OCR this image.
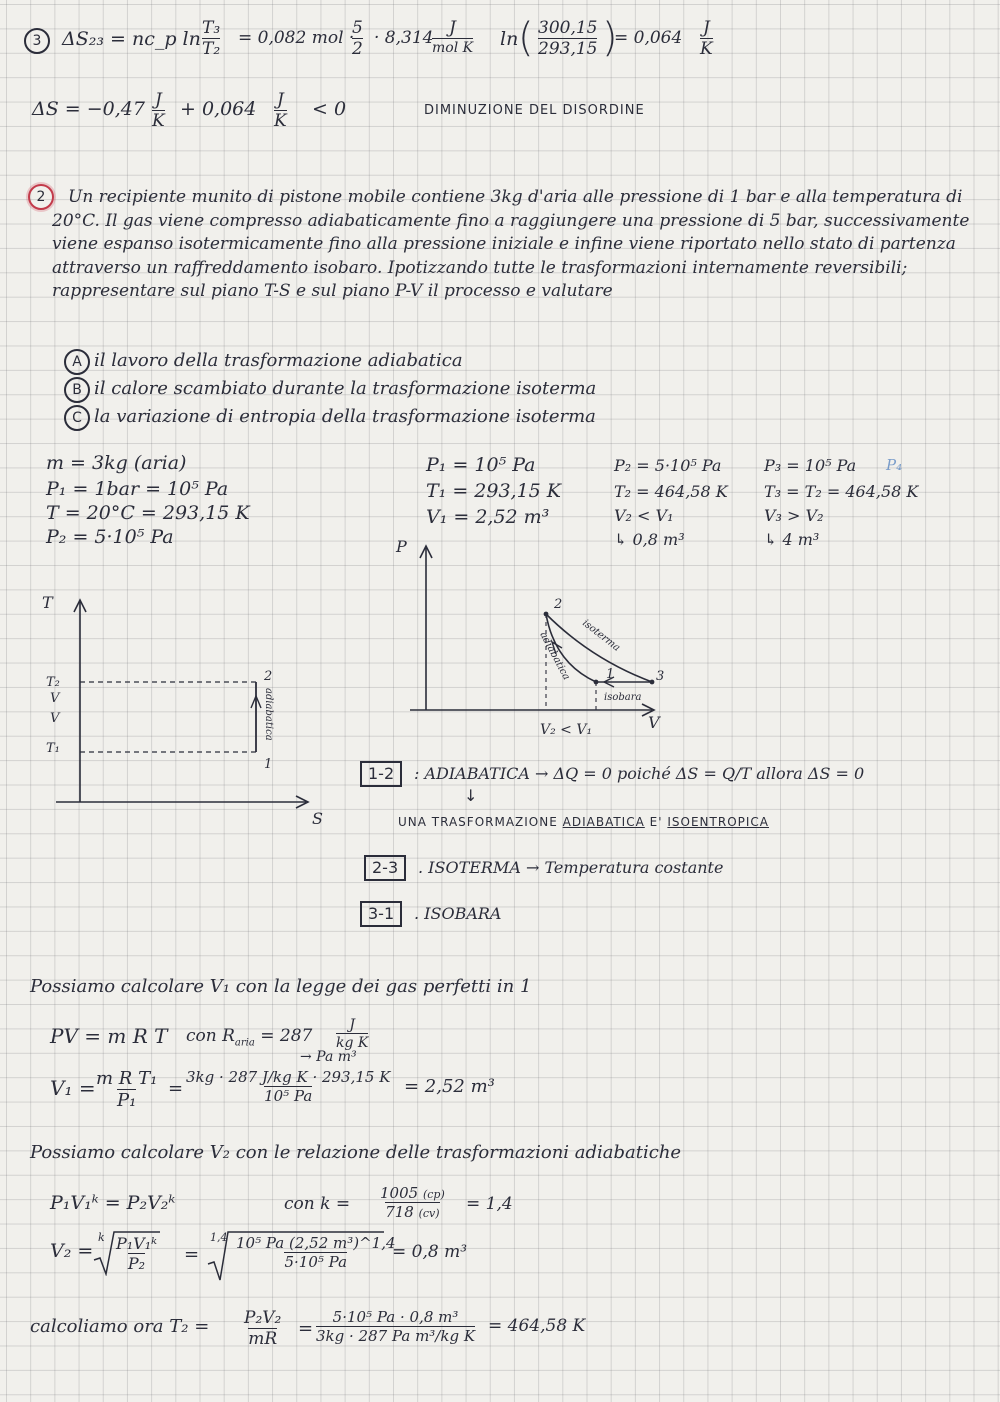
3	ΔS₂₃ = nc_p $\ln \frac{\text{T₃}}{\text{T₂}} = 0,082$ mol ·
$\frac{5}{2} \cdot 8,314$ J
mol K ln ( $\frac{300,15}{293,15}$ )
= $0,064 \frac{J}{K}$
$\Delta S = -0,47 \frac{J}{K} + 0,064 \frac{J}{K} < 0$	DIMINUZIONE DEL DISORDINE
2	Un recipiente munito di pistone mobile contiene 3kg d'aria alle pressione di 1 bar e alla temperatura di 20°C. Il gas viene compresso adiabaticamente fino a raggiungere una pressione di 5 bar, successivamente viene espanso isotermicamente fino alla pressione iniziale e infine viene riportato nello stato di partenza attraverso un raffreddamento isobaro. Ipotizzando tutte le trasformazioni internamente reversibili; rappresentare sul piano T-S e sul piano P-V il processo e valutare
A il lavoro della trasformazione adiabatica
B il calore scambiato durante la trasformazione isoterma
C la variazione di entropia della trasformazione isoterma
m = 3kg (aria)
P₁ = 1bar = 10⁵ Pa
T = 20°C = 293,15 K
P₂ = 5·10⁵ Pa
P₁ = 10⁵ Pa
T₁ = 293,15 K
V₁ = 2,52 m³
P₂ = 5·10⁵ Pa
T₂ = 464,58 K
V₂ < V₁
↳ 0,8 m³
P₃ = 10⁵ Pa
T₃ = T₂ = 464,58 K
V₃ > V₂
↳ 4 m³
P₄
T
S
T₂
V
V
T₁
2
1
adiabatica
P
V
2
1	3
isoterma
adiabatica
isobara
V₂ < V₁
1-2	: ADIABATICA → ΔQ = 0 poiché ΔS = Q/T allora ΔS = 0
↓
UNA TRASFORMAZIONE ADIABATICA E' ISOENTROPICA
2-3	. ISOTERMA → Temperatura costante
3-1	. ISOBARA
Possiamo calcolare V₁ con la legge dei gas perfetti in 1
PV = m R T con $R_{aria} = 287 \frac{J}{\text{kg K}}$
→ Pa m³
$V_1 = \frac{\text{m R T₁}}{\text{P₁}} = \frac{\text{3kg · 287 J/kg K · 293,15 K}}{\text{10⁵ Pa}} = 2,52$ m³
Possiamo calcolare V₂ con le relazione delle trasformazioni adiabatiche
P₁V₁ᵏ = P₂V₂ᵏ	con $k = \frac{1005 (cp)}{718 (cv)} = 1,4$
V₂ =
k $\frac{\text{P₁V₁ᵏ}}{\text{P₂}}$ =
$1,4 \frac{\text{10⁵ Pa (2,52 m³)\textasciicircum{}1,4}}{\text{5·10⁵ Pa}}$
= 0,8 m³
calcoliamo ora $T_2 = \frac{\text{P₂V₂}}{mR} = \frac{\text{5·10⁵ Pa · 0,8 m³}}{\text{3kg · 287 Pa m³/kg K}} = 464,58$ K
